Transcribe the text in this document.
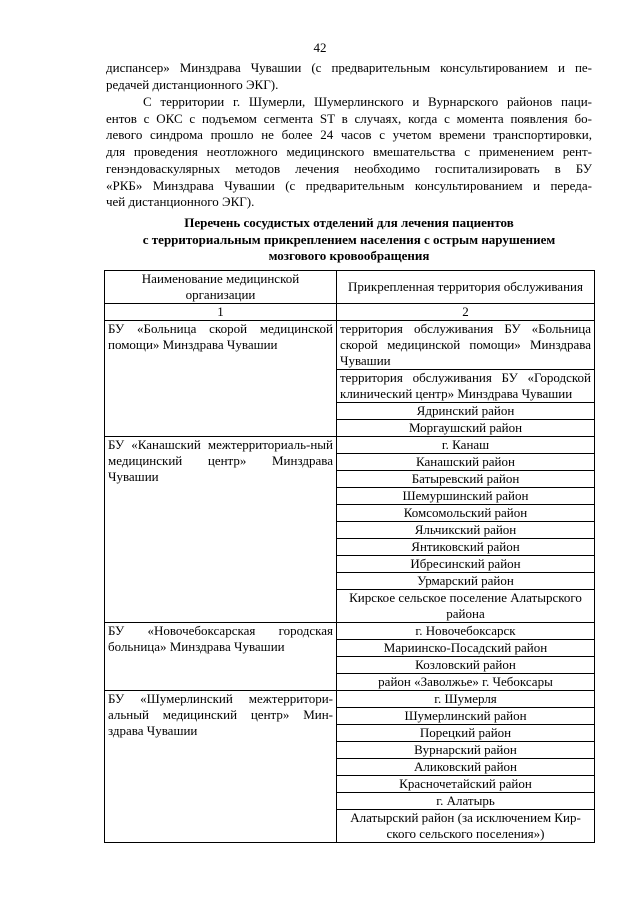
42
диспансер» Минздрава Чувашии (с предварительным консультированием и пе-
редачей дистанционного ЭКГ).
С территории г. Шумерли, Шумерлинского и Вурнарского районов паци-
ентов с ОКС с подъемом сегмента ST в случаях, когда с момента появления бо-
левого синдрома прошло не более 24 часов с учетом времени транспортировки,
для проведения неотложного медицинского вмешательства с применением рент-
генэндоваскулярных методов лечения необходимо госпитализировать в БУ
«РКБ» Минздрава Чувашии (с предварительным консультированием и переда-
чей дистанционного ЭКГ).
Перечень сосудистых отделений для лечения пациентов
с территориальным прикреплением населения с острым нарушением
мозгового кровообращения
Наименование медицинской организации	Прикрепленная территория обслуживания
1	2
БУ «Больница скорой медицинской помощи» Минздрава Чувашии	территория обслуживания БУ «Больница скорой медицинской помощи» Минздрава Чувашии
	территория обслуживания БУ «Городской клинический центр» Минздрава Чувашии
	Ядринский район
	Моргаушский район
БУ «Канашский межтерриториаль-ный медицинский центр» Минздрава Чувашии	г. Канаш
	Канашский район
	Батыревский район
	Шемуршинский район
	Комсомольский район
	Яльчикский район
	Янтиковский район
	Ибресинский район
	Урмарский район
	Кирское сельское поселение Алатырского района
БУ «Новочебоксарская городская больница» Минздрава Чувашии	г. Новочебоксарск
	Мариинско-Посадский район
	Козловский район
	район «Заволжье» г. Чебоксары
БУ «Шумерлинский межтерритори-альный медицинский центр» Мин-здрава Чувашии	г. Шумерля
	Шумерлинский район
	Порецкий район
	Вурнарский район
	Аликовский район
	Красночетайский район
	г. Алатырь
	Алатырский район (за исключением Кир-ского сельского поселения»)
